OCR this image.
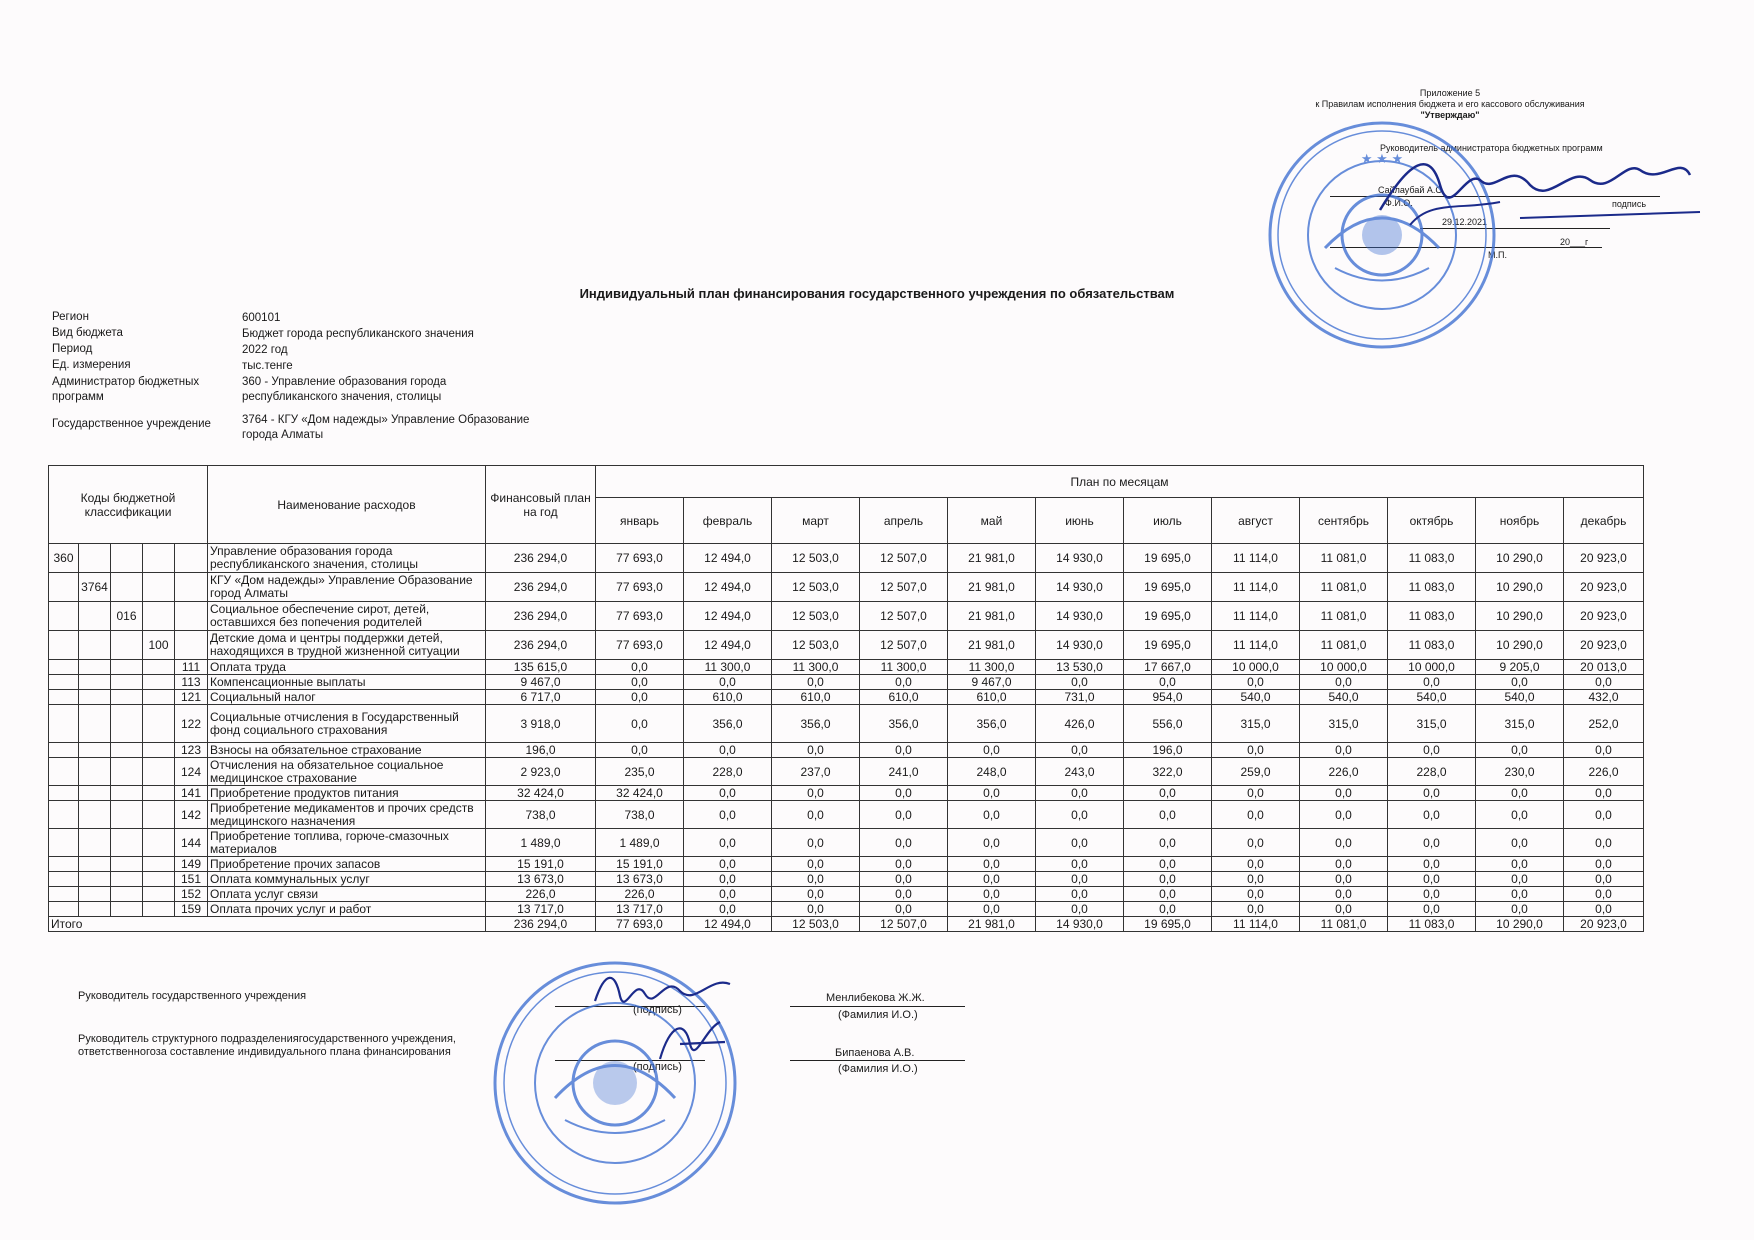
Приложение 5
к Правилам исполнения бюджета и его кассового обслуживания
"Утверждаю"
Руководитель администратора бюджетных программ
Сайлаубай А.С.
Ф.И.О.	подпись
29.12.2021
20___г
М.П.
★ ★ ★
Индивидуальный план финансирования государственного учреждения по обязательствам
Регион	600101
Вид бюджета	Бюджет города республиканского значения
Период	2022 год
Ед. измерения	тыс.тенге
Администратор бюджетных программ
360 - Управление образования города республиканского значения, столицы
Государственное учреждение	3764 - КГУ «Дом надежды» Управление Образование города Алматы
Коды бюджетной классификации					Наименование расходов	Финансовый план на год	План по месяцам											
							январь	февраль	март	апрель	май	июнь	июль	август	сентябрь	октябрь	ноябрь	декабрь
360					Управление образования города республиканского значения, столицы	236 294,0	77 693,0	12 494,0	12 503,0	12 507,0	21 981,0	14 930,0	19 695,0	11 114,0	11 081,0	11 083,0	10 290,0	20 923,0
	3764				КГУ «Дом надежды» Управление Образование город Алматы	236 294,0	77 693,0	12 494,0	12 503,0	12 507,0	21 981,0	14 930,0	19 695,0	11 114,0	11 081,0	11 083,0	10 290,0	20 923,0
		016			Социальное обеспечение сирот, детей, оставшихся без попечения родителей	236 294,0	77 693,0	12 494,0	12 503,0	12 507,0	21 981,0	14 930,0	19 695,0	11 114,0	11 081,0	11 083,0	10 290,0	20 923,0
			100		Детские дома и центры поддержки детей, находящихся в трудной жизненной ситуации	236 294,0	77 693,0	12 494,0	12 503,0	12 507,0	21 981,0	14 930,0	19 695,0	11 114,0	11 081,0	11 083,0	10 290,0	20 923,0
				111	Оплата труда	135 615,0	0,0	11 300,0	11 300,0	11 300,0	11 300,0	13 530,0	17 667,0	10 000,0	10 000,0	10 000,0	9 205,0	20 013,0
				113	Компенсационные выплаты	9 467,0	0,0	0,0	0,0	0,0	9 467,0	0,0	0,0	0,0	0,0	0,0	0,0	0,0
				121	Социальный налог	6 717,0	0,0	610,0	610,0	610,0	610,0	731,0	954,0	540,0	540,0	540,0	540,0	432,0
				122	Социальные отчисления в Государственный фонд социального страхования	3 918,0	0,0	356,0	356,0	356,0	356,0	426,0	556,0	315,0	315,0	315,0	315,0	252,0
				123	Взносы на обязательное страхование	196,0	0,0	0,0	0,0	0,0	0,0	0,0	196,0	0,0	0,0	0,0	0,0	0,0
				124	Отчисления на обязательное социальное медицинское страхование	2 923,0	235,0	228,0	237,0	241,0	248,0	243,0	322,0	259,0	226,0	228,0	230,0	226,0
				141	Приобретение продуктов питания	32 424,0	32 424,0	0,0	0,0	0,0	0,0	0,0	0,0	0,0	0,0	0,0	0,0	0,0
				142	Приобретение медикаментов и прочих средств медицинского назначения	738,0	738,0	0,0	0,0	0,0	0,0	0,0	0,0	0,0	0,0	0,0	0,0	0,0
				144	Приобретение топлива, горюче-смазочных материалов	1 489,0	1 489,0	0,0	0,0	0,0	0,0	0,0	0,0	0,0	0,0	0,0	0,0	0,0
				149	Приобретение прочих запасов	15 191,0	15 191,0	0,0	0,0	0,0	0,0	0,0	0,0	0,0	0,0	0,0	0,0	0,0
				151	Оплата коммунальных услуг	13 673,0	13 673,0	0,0	0,0	0,0	0,0	0,0	0,0	0,0	0,0	0,0	0,0	0,0
				152	Оплата услуг связи	226,0	226,0	0,0	0,0	0,0	0,0	0,0	0,0	0,0	0,0	0,0	0,0	0,0
				159	Оплата прочих услуг и работ	13 717,0	13 717,0	0,0	0,0	0,0	0,0	0,0	0,0	0,0	0,0	0,0	0,0	0,0
Итого						236 294,0	77 693,0	12 494,0	12 503,0	12 507,0	21 981,0	14 930,0	19 695,0	11 114,0	11 081,0	11 083,0	10 290,0	20 923,0
Руководитель государственного учреждения
(подпись)
Менлибекова Ж.Ж.
(Фамилия И.О.)
Руководитель структурного подразделениягосударственного учреждения,
ответственногоза составление индивидуального плана финансирования
(подпись)
Бипаенова А.В.
(Фамилия И.О.)
